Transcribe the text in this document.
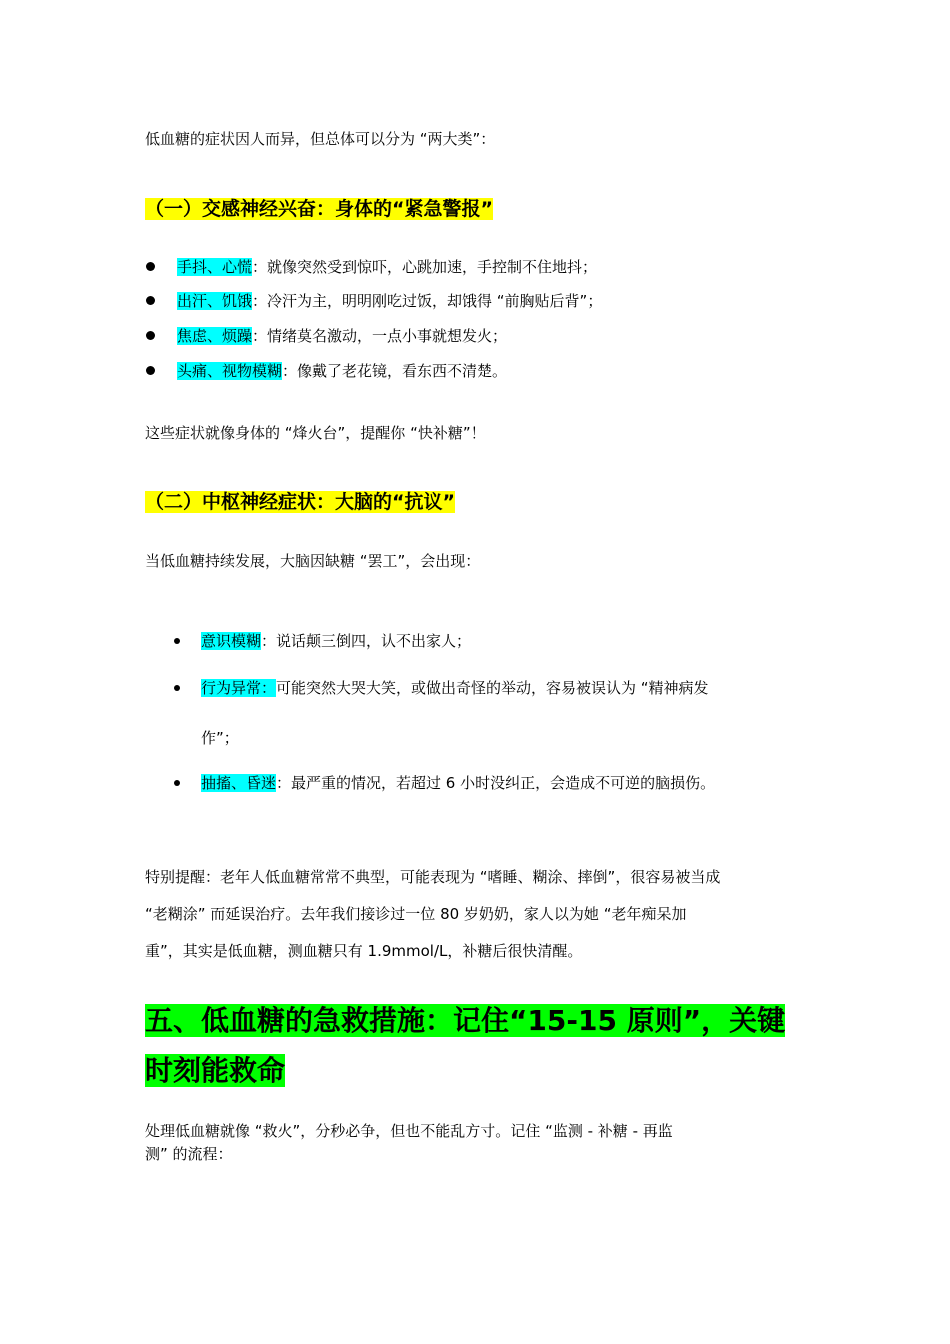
低血糖的症状因人而异，但总体可以分为 “两大类”：
（一）交感神经兴奋：身体的“紧急警报”
手抖、心慌：就像突然受到惊吓，心跳加速，手控制不住地抖；
出汗、饥饿：冷汗为主，明明刚吃过饭，却饿得 “前胸贴后背”；
焦虑、烦躁：情绪莫名激动，一点小事就想发火；
头痛、视物模糊：像戴了老花镜，看东西不清楚。
这些症状就像身体的 “烽火台”，提醒你 “快补糖”！
（二）中枢神经症状：大脑的“抗议”
当低血糖持续发展，大脑因缺糖 “罢工”，会出现：
意识模糊：说话颠三倒四，认不出家人；
行为异常：可能突然大哭大笑，或做出奇怪的举动，容易被误认为 “精神病发
作”；
抽搐、昏迷：最严重的情况，若超过 6 小时没纠正，会造成不可逆的脑损伤。
特别提醒：老年人低血糖常常不典型，可能表现为 “嗜睡、糊涂、摔倒”，很容易被当成
“老糊涂” 而延误治疗。去年我们接诊过一位 80 岁奶奶，家人以为她 “老年痴呆加
重”，其实是低血糖，测血糖只有 1.9mmol/L，补糖后很快清醒。
五、低血糖的急救措施：记住“15-15 原则”，关键
时刻能救命
处理低血糖就像 “救火”，分秒必争，但也不能乱方寸。记住 “监测 - 补糖 - 再监
测” 的流程：
